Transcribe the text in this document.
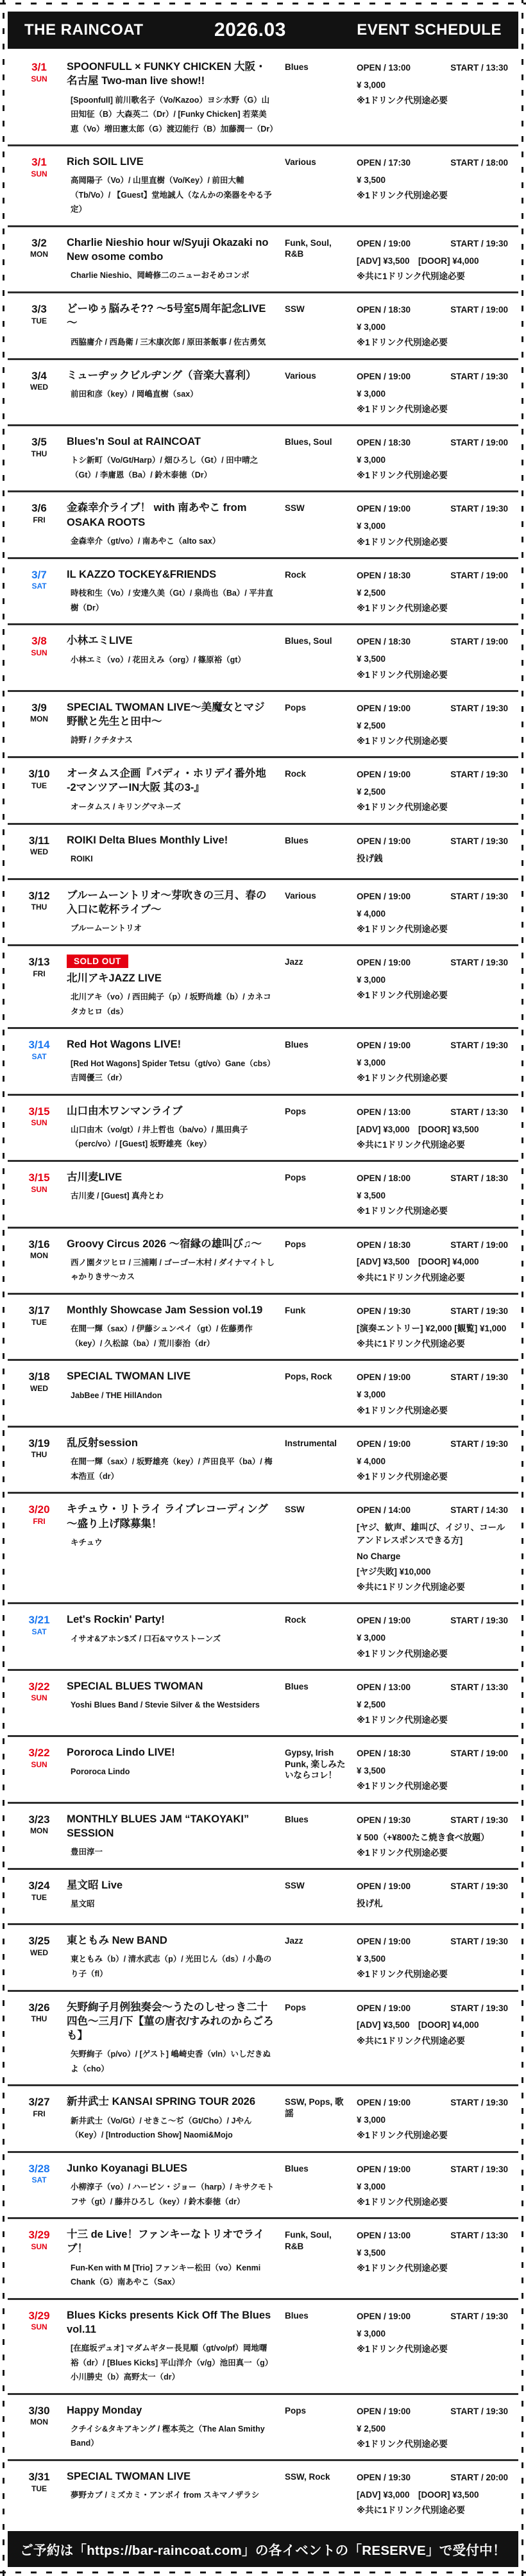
THE RAINCOAT	2026.03	EVENT SCHEDULE
3/1
SUN
SPOONFULL × FUNKY CHICKEN 大阪・名古屋 Two-man live show!!
[Spoonfull] 前川歌名子（Vo/Kazoo）ヨシ水野（G）山田知征（B）大森英二（Dr）/ [Funky Chicken] 若菜美恵（Vo）増田憲太郎（G）渡辺能行（B）加藤潤一（Dr）
Blues	OPEN / 13:00	START / 13:30
¥ 3,000
※1ドリンク代別途必要
3/1
SUN
Rich SOIL LIVE
高岡陽子（Vo）/ 山里直樹（Vo/Key）/ 前田大輔（Tb/Vo）/ 【Guest】堂地誠人（なんかの楽器をやる予定）
Various	OPEN / 17:30	START / 18:00
¥ 3,500
※1ドリンク代別途必要
3/2
MON
Charlie Nieshio hour w/Syuji Okazaki no New osome combo
Charlie Nieshio、岡崎修二のニューおそめコンボ
Funk, Soul, R&B
OPEN / 19:00	START / 19:30
[ADV] ¥3,500　[DOOR] ¥4,000
※共に1ドリンク代別途必要
3/3
TUE
どーゆぅ脳みそ?? ～5号室5周年記念LIVE～
西脇庸介 / 西島衛 / 三木康次郎 / 原田茶飯事 / 佐古勇気
SSW	OPEN / 18:30	START / 19:00
¥ 3,000
※1ドリンク代別途必要
3/4
WED
ミューヂックビルヂング（音楽大喜利）
前田和彦（key）/ 岡嶋直樹（sax）
Various	OPEN / 19:00	START / 19:30
¥ 3,000
※1ドリンク代別途必要
3/5
THU
Blues'n Soul at RAINCOAT
トシ新町（Vo/Gt/Harp）/ 畑ひろし（Gt）/ 田中晴之（Gt）/ 李庸恩（Ba）/ 鈴木泰徳（Dr）
Blues, Soul	OPEN / 18:30	START / 19:00
¥ 3,000
※1ドリンク代別途必要
3/6
FRI
金森幸介ライブ！ with 南あやこ from OSAKA ROOTS
金森幸介（gt/vo）/ 南あやこ（alto sax）
SSW	OPEN / 19:00	START / 19:30
¥ 3,000
※1ドリンク代別途必要
3/7
SAT
IL KAZZO TOCKEY&FRIENDS
時枝和生（Vo）/ 安達久美（Gt）/ 泉尚也（Ba）/ 平井直樹（Dr）
Rock	OPEN / 18:30	START / 19:00
¥ 2,500
※1ドリンク代別途必要
3/8
SUN
小林エミLIVE
小林エミ（vo）/ 花田えみ（org）/ 篠原裕（gt）
Blues, Soul	OPEN / 18:30	START / 19:00
¥ 3,500
※1ドリンク代別途必要
3/9
MON
SPECIAL TWOMAN LIVE～美魔女とマジ野獣と先生と田中～
詩野 / クチタナス
Pops	OPEN / 19:00	START / 19:30
¥ 2,500
※1ドリンク代別途必要
3/10
TUE
オータムス企画『バディ・ホリデイ番外地 -2マンツアーIN大阪 其の3-』
オータムス / キリングマネーズ
Rock	OPEN / 19:00	START / 19:30
¥ 2,500
※1ドリンク代別途必要
3/11
WED
ROIKI Delta Blues Monthly Live!
ROIKI
Blues	OPEN / 19:00	START / 19:30
投げ銭
3/12
THU
ブルームーントリオ～芽吹きの三月、春の入口に乾杯ライブ～
ブルームーントリオ
Various	OPEN / 19:00	START / 19:30
¥ 4,000
※1ドリンク代別途必要
3/13
FRI
SOLD OUT
北川アキJAZZ LIVE
北川アキ（vo）/ 西田純子（p）/ 坂野尚雄（b）/ カネコタカヒロ（ds）
Jazz	OPEN / 19:00	START / 19:30
¥ 3,000
※1ドリンク代別途必要
3/14
SAT
Red Hot Wagons LIVE!
[Red Hot Wagons] Spider Tetsu（gt/vo）Gane（cbs）吉岡優三（dr）
Blues	OPEN / 19:00	START / 19:30
¥ 3,000
※1ドリンク代別途必要
3/15
SUN
山口由木ワンマンライブ
山口由木（vo/gt）/ 井上哲也（ba/vo）/ 黒田典子（perc/vo）/ [Guest] 坂野雄亮（key）
Pops	OPEN / 13:00	START / 13:30
[ADV] ¥3,000　[DOOR] ¥3,500
※共に1ドリンク代別途必要
3/15
SUN
古川麦LIVE
古川麦 / [Guest] 真舟とわ
Pops	OPEN / 18:00	START / 18:30
¥ 3,500
※1ドリンク代別途必要
3/16
MON
Groovy Circus 2026 ～宿縁の雄叫び♫～
西ノ園タツヒロ / 三浦剛 / ゴーゴー木村 / ダイナマイトしゃかりきサ～カス
Pops	OPEN / 18:30	START / 19:00
[ADV] ¥3,500　[DOOR] ¥4,000
※共に1ドリンク代別途必要
3/17
TUE
Monthly Showcase Jam Session vol.19
在間一輝（sax）/ 伊藤シュンペイ（gt）/ 佐藤勇作（key）/ 久松諒（ba）/ 荒川泰治（dr）
Funk	OPEN / 19:30	START / 19:30
[演奏エントリー] ¥2,000 [観覧] ¥1,000
※共に1ドリンク代別途必要
3/18
WED
SPECIAL TWOMAN LIVE
JabBee / THE HillAndon
Pops, Rock	OPEN / 19:00	START / 19:30
¥ 3,000
※1ドリンク代別途必要
3/19
THU
乱反射session
在間一輝（sax）/ 坂野雄亮（key）/ 芦田良平（ba）/ 梅本浩亘（dr）
Instrumental	OPEN / 19:00	START / 19:30
¥ 4,000
※1ドリンク代別途必要
3/20
FRI
キチュウ・リトライ ライブレコーディング～盛り上げ隊募集！
キチュウ
SSW	OPEN / 14:00	START / 14:30
[ヤジ、歓声、雄叫び、イジリ、コールアンドレスポンスできる方]
No Charge
[ヤジ失敗] ¥10,000
※共に1ドリンク代別途必要
3/21
SAT
Let's Rockin' Party!
イサオ&アホン$ズ / 口石&マウストーンズ
Rock	OPEN / 19:00	START / 19:30
¥ 3,000
※1ドリンク代別途必要
3/22
SUN
SPECIAL BLUES TWOMAN
Yoshi Blues Band / Stevie Silver & the Westsiders
Blues	OPEN / 13:00	START / 13:30
¥ 2,500
※1ドリンク代別途必要
3/22
SUN
Pororoca Lindo LIVE!
Pororoca Lindo
Gypsy, Irish Punk, 楽しみたいならコレ！
OPEN / 18:30	START / 19:00
¥ 3,500
※1ドリンク代別途必要
3/23
MON
MONTHLY BLUES JAM “TAKOYAKI” SESSION
豊田淳一
Blues	OPEN / 19:30	START / 19:30
¥ 500（+¥800たこ焼き食べ放題）
※1ドリンク代別途必要
3/24
TUE
星文昭 Live
星文昭
SSW	OPEN / 19:00	START / 19:30
投げ札
3/25
WED
東ともみ New BAND
東ともみ（b）/ 清水武志（p）/ 光田じん（ds）/ 小島のり子（fl）
Jazz	OPEN / 19:00	START / 19:30
¥ 3,500
※1ドリンク代別途必要
3/26
THU
矢野絢子月例独奏会～うたのしせっき二十四色～三月/下【菫の唐衣/すみれのからごろも】
矢野絢子（p/vo）/ [ゲスト] 嶋崎史香（vln）いしだきぬよ（cho）
Pops	OPEN / 19:00	START / 19:30
[ADV] ¥3,500　[DOOR] ¥4,000
※共に1ドリンク代別途必要
3/27
FRI
新井武士 KANSAI SPRING TOUR 2026
新井武士（Vo/Gt）/ せきこ～ぢ（Gt/Cho）/ Jやん（Key）/ [Introduction Show] Naomi&Mojo
SSW, Pops, 歌謡
OPEN / 19:00	START / 19:30
¥ 3,000
※1ドリンク代別途必要
3/28
SAT
Junko Koyanagi BLUES
小柳淳子（vo）/ ハービン・ジョー（harp）/ キサクモトフサ（gt）/ 藤井ひろし（key）/ 鈴木泰徳（dr）
Blues	OPEN / 19:00	START / 19:30
¥ 3,000
※1ドリンク代別途必要
3/29
SUN
十三 de Live！ファンキーなトリオでライブ！
Fun-Ken with M [Trio] ファンキー松田（vo）Kenmi Chank（G）南あやこ（Sax）
Funk, Soul, R&B
OPEN / 13:00	START / 13:30
¥ 3,500
※1ドリンク代別途必要
3/29
SUN
Blues Kicks presents Kick Off The Blues vol.11
[在庭坂デュオ] マダムギター長見順（gt/vo/pf）岡地曙裕（dr）/ [Blues Kicks] 平山洋介（v/g）池田真一（g）小川勝史（b）高野太一（dr）
Blues	OPEN / 19:00	START / 19:30
¥ 3,000
※1ドリンク代別途必要
3/30
MON
Happy Monday
クチイシ&タキアキング / 樫本英之（The Alan Smithy Band）
Pops	OPEN / 19:00	START / 19:30
¥ 2,500
※1ドリンク代別途必要
3/31
TUE
SPECIAL TWOMAN LIVE
夢野カブ / ミズカミ・アンボイ from スキマノザラシ
SSW, Rock	OPEN / 19:30	START / 20:00
[ADV] ¥3,000　[DOOR] ¥3,500
※共に1ドリンク代別途必要
ご予約は「https://bar-raincoat.com」の各イベントの「RESERVE」で受付中！
